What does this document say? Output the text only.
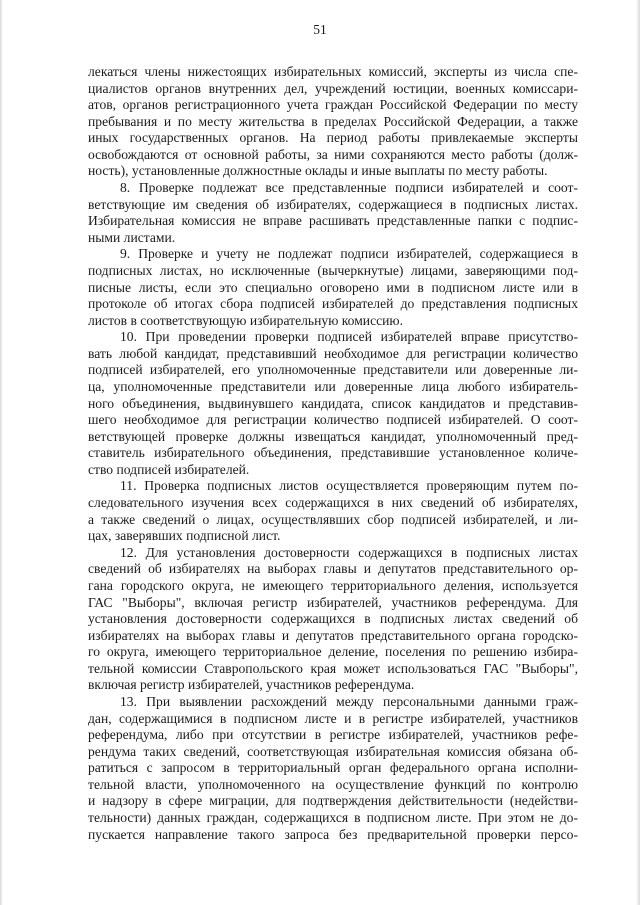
51

лекаться члены нижестоящих избирательных комиссий, эксперты из числа спе-
циалистов органов внутренних дел, учреждений юстиции, военных комиссари-
атов, органов регистрационного учета граждан Российской Федерации по месту
пребывания и по месту жительства в пределах Российской Федерации, а также
иных государственных органов. На период работы привлекаемые эксперты
освобождаются от основной работы, за ними сохраняются место работы (долж-
ность), установленные должностные оклады и иные выплаты по месту работы.

8. Проверке подлежат все представленные подписи избирателей и соот-
ветствующие им сведения об избирателях, содержащиеся в подписных листах.
Избирательная комиссия не вправе расшивать представленные папки с подпис-
ными листами.

9. Проверке и учету не подлежат подписи избирателей, содержащиеся в
подписных листах, но исключенные (вычеркнутые) лицами, заверяющими под-
писные листы, если это специально оговорено ими в подписном листе или в
протоколе об итогах сбора подписей избирателей до представления подписных
листов в соответствующую избирательную комиссию.

10. При проведении проверки подписей избирателей вправе присутство-
вать любой кандидат, представивший необходимое для регистрации количество
подписей избирателей, его уполномоченные представители или доверенные ли-
ца, уполномоченные представители или доверенные лица любого избиратель-
ного объединения, выдвинувшего кандидата, список кандидатов и представив-
шего необходимое для регистрации количество подписей избирателей. О соот-
ветствующей проверке должны извещаться кандидат, уполномоченный пред-
ставитель избирательного объединения, представившие установленное количе-
ство подписей избирателей.

11. Проверка подписных листов осуществляется проверяющим путем по-
следовательного изучения всех содержащихся в них сведений об избирателях,
а также сведений о лицах, осуществлявших сбор подписей избирателей, и ли-
цах, заверявших подписной лист.

12. Для установления достоверности содержащихся в подписных листах
сведений об избирателях на выборах главы и депутатов представительного ор-
гана городского округа, не имеющего территориального деления, используется
ГАС "Выборы", включая регистр избирателей, участников референдума. Для
установления достоверности содержащихся в подписных листах сведений об
избирателях на выборах главы и депутатов представительного органа городско-
го округа, имеющего территориальное деление, поселения по решению избира-
тельной комиссии Ставропольского края может использоваться ГАС "Выборы",
включая регистр избирателей, участников референдума.

13. При выявлении расхождений между персональными данными граж-
дан, содержащимися в подписном листе и в регистре избирателей, участников
референдума, либо при отсутствии в регистре избирателей, участников рефе-
рендума таких сведений, соответствующая избирательная комиссия обязана об-
ратиться с запросом в территориальный орган федерального органа исполни-
тельной власти, уполномоченного на осуществление функций по контролю
и надзору в сфере миграции, для подтверждения действительности (недействи-
тельности) данных граждан, содержащихся в подписном листе. При этом не до-
пускается направление такого запроса без предварительной проверки персо-
